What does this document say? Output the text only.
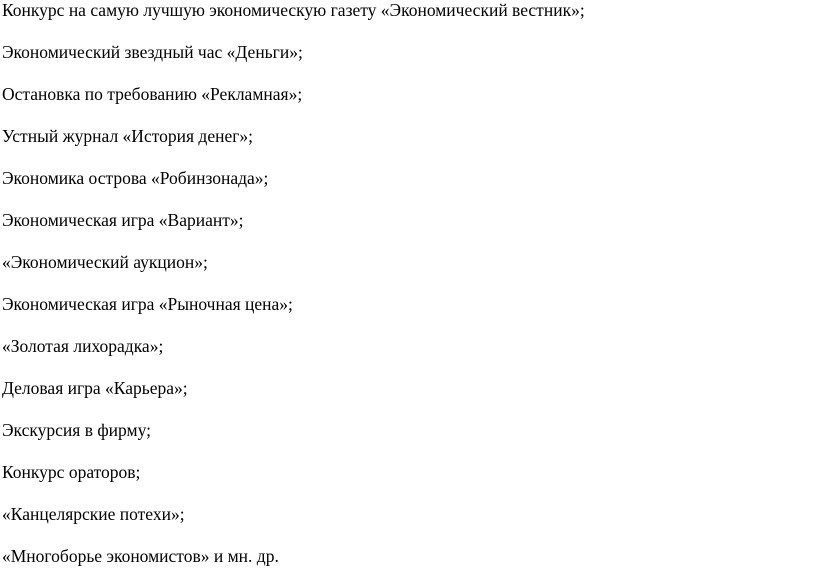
Конкурс на самую лучшую экономическую газету «Экономический вестник»;

Экономический звездный час «Деньги»;

Остановка по требованию «Рекламная»;

Устный журнал «История денег»;

Экономика острова «Робинзонада»;

Экономическая игра «Вариант»;

«Экономический аукцион»;

Экономическая игра «Рыночная цена»;

«Золотая лихорадка»;

Деловая игра «Карьера»;

Экскурсия в фирму;

Конкурс ораторов;

«Канцелярские потехи»;

«Многоборье экономистов» и мн. др.
